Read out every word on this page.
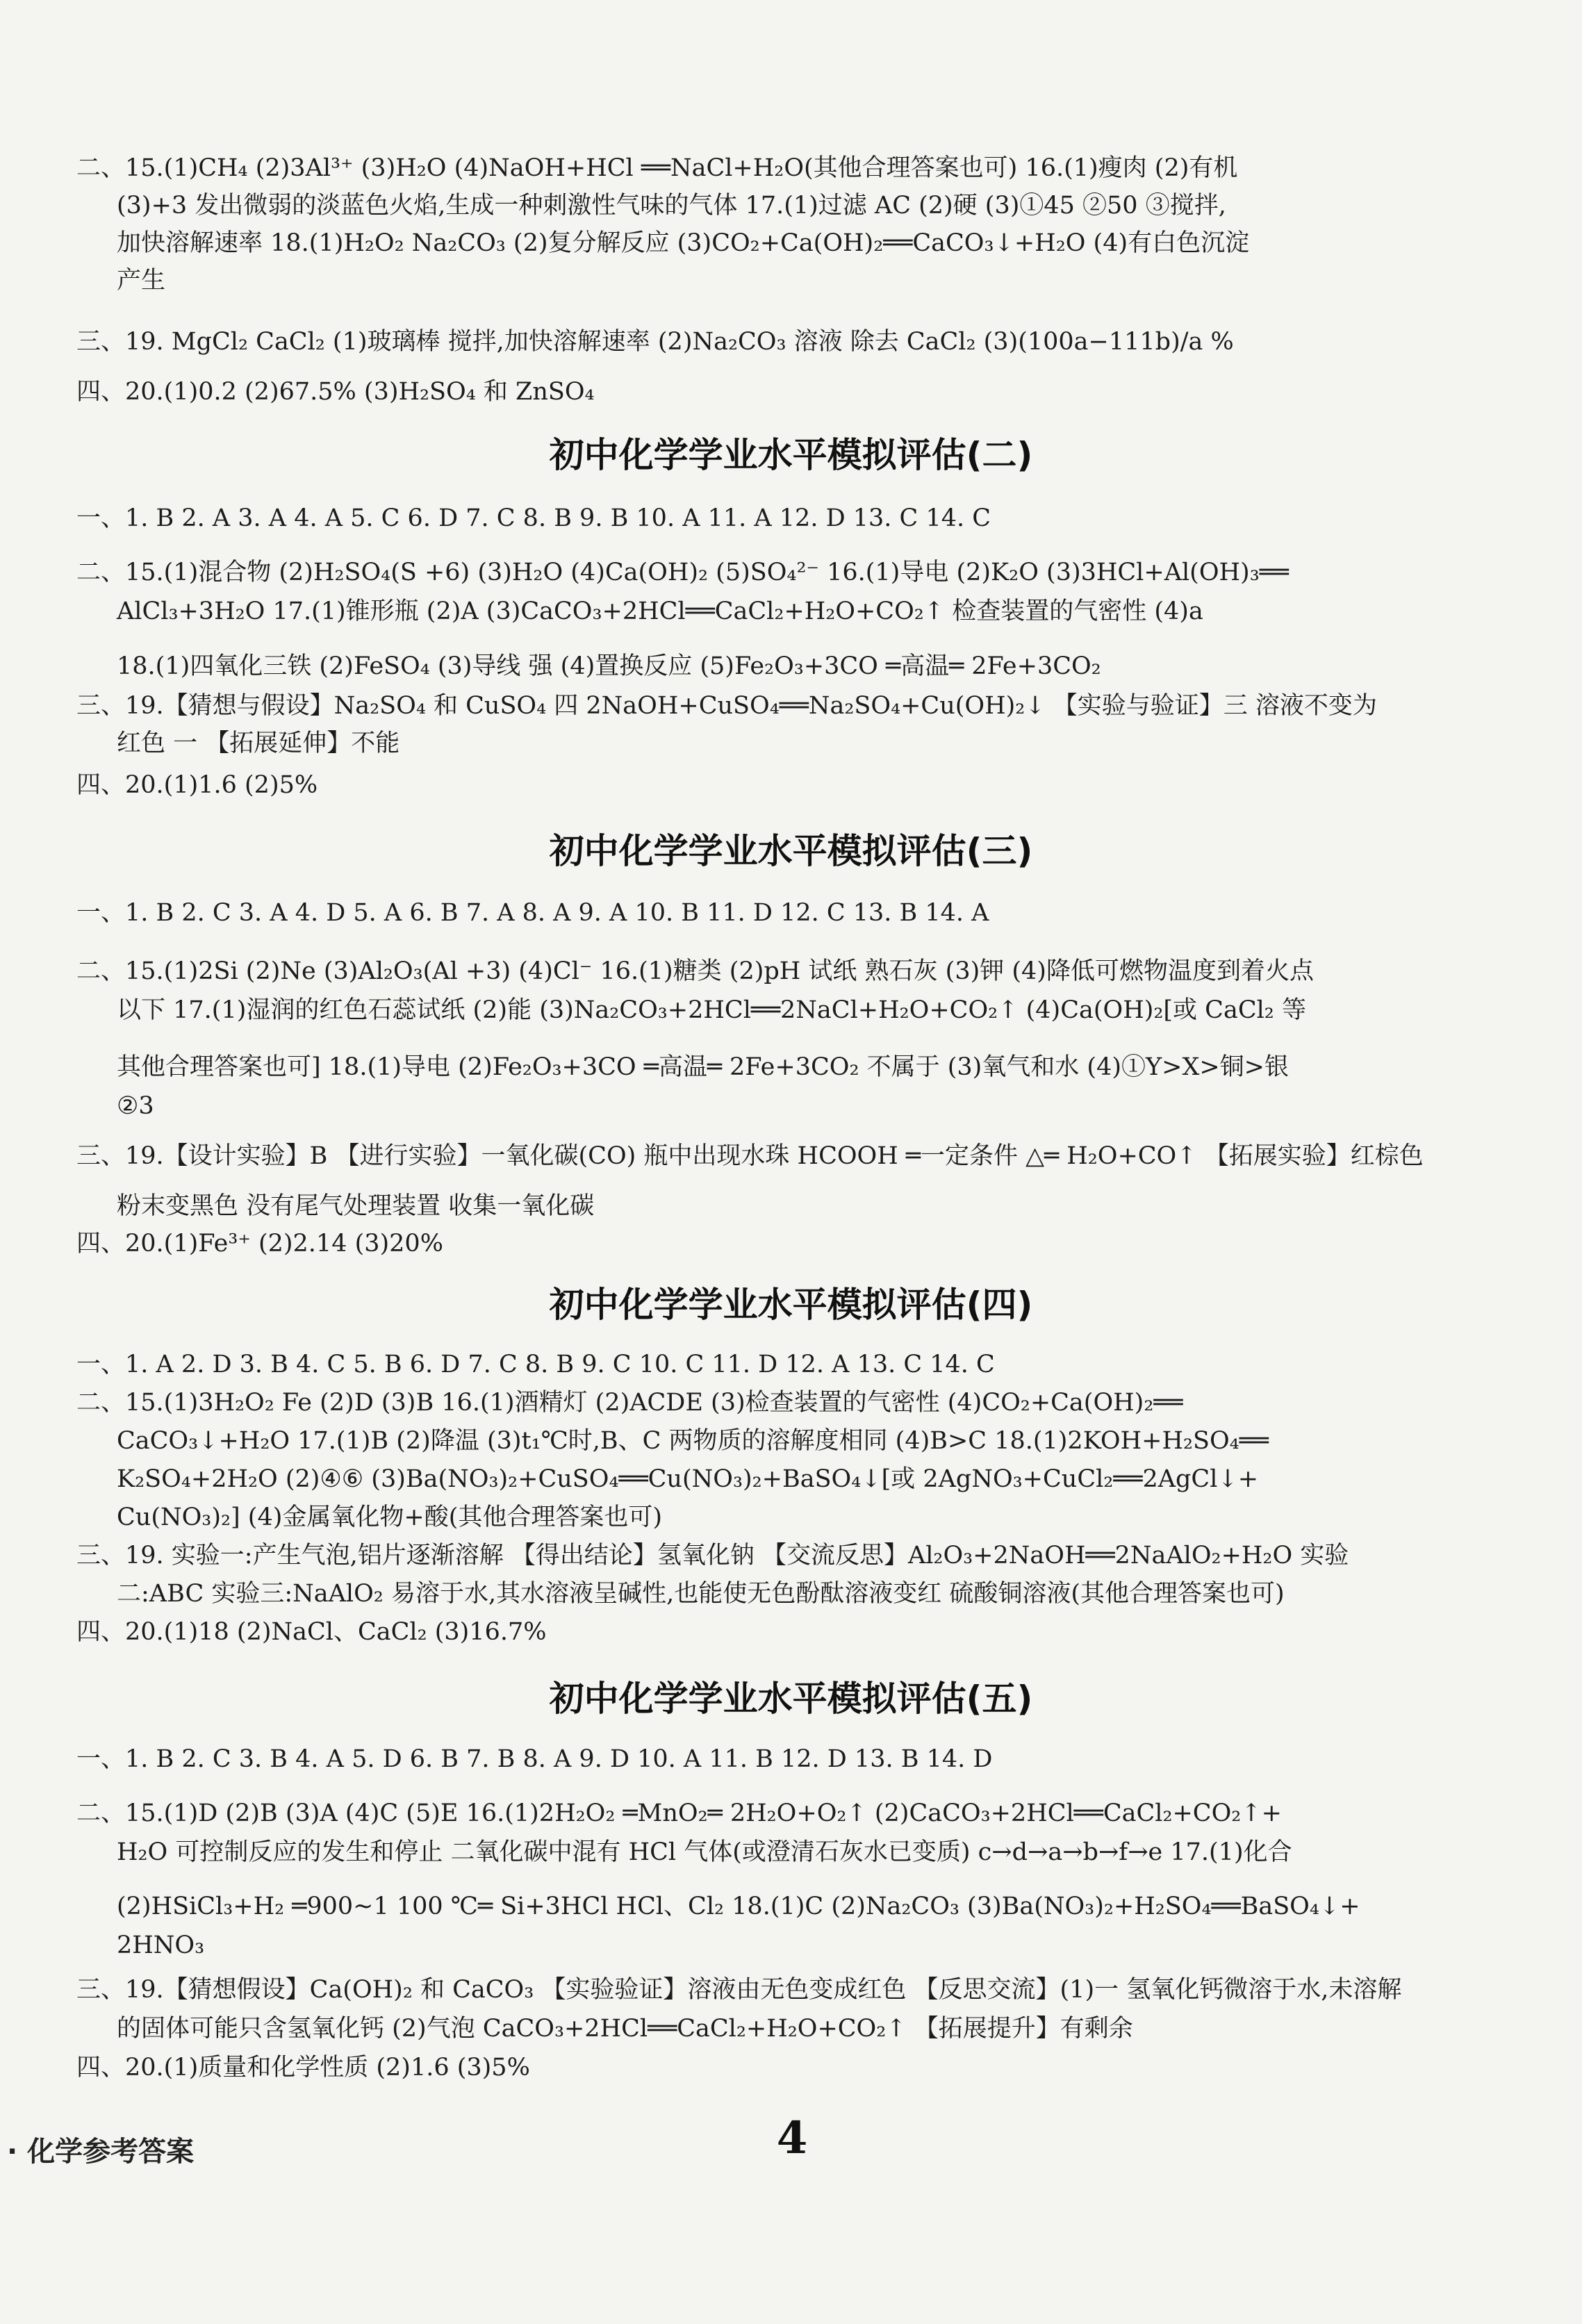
二、15.(1)CH₄ (2)3Al³⁺ (3)H₂O (4)NaOH+HCl ══NaCl+H₂O(其他合理答案也可) 16.(1)瘦肉 (2)有机
(3)+3 发出微弱的淡蓝色火焰,生成一种刺激性气味的气体 17.(1)过滤 AC (2)硬 (3)①45 ②50 ③搅拌,
加快溶解速率 18.(1)H₂O₂ Na₂CO₃ (2)复分解反应 (3)CO₂+Ca(OH)₂══CaCO₃↓+H₂O (4)有白色沉淀
产生
三、19. MgCl₂ CaCl₂ (1)玻璃棒 搅拌,加快溶解速率 (2)Na₂CO₃ 溶液 除去 CaCl₂ (3)(100a−111b)/a %
四、20.(1)0.2 (2)67.5% (3)H₂SO₄ 和 ZnSO₄
初中化学学业水平模拟评估(二)
一、1. B 2. A 3. A 4. A 5. C 6. D 7. C 8. B 9. B 10. A 11. A 12. D 13. C 14. C
二、15.(1)混合物 (2)H₂SO₄(S +6) (3)H₂O (4)Ca(OH)₂ (5)SO₄²⁻ 16.(1)导电 (2)K₂O (3)3HCl+Al(OH)₃══
AlCl₃+3H₂O 17.(1)锥形瓶 (2)A (3)CaCO₃+2HCl══CaCl₂+H₂O+CO₂↑ 检查装置的气密性 (4)a
18.(1)四氧化三铁 (2)FeSO₄ (3)导线 强 (4)置换反应 (5)Fe₂O₃+3CO ═高温═ 2Fe+3CO₂
三、19.【猜想与假设】Na₂SO₄ 和 CuSO₄ 四 2NaOH+CuSO₄══Na₂SO₄+Cu(OH)₂↓ 【实验与验证】三 溶液不变为
红色 一 【拓展延伸】不能
四、20.(1)1.6 (2)5%
初中化学学业水平模拟评估(三)
一、1. B 2. C 3. A 4. D 5. A 6. B 7. A 8. A 9. A 10. B 11. D 12. C 13. B 14. A
二、15.(1)2Si (2)Ne (3)Al₂O₃(Al +3) (4)Cl⁻ 16.(1)糖类 (2)pH 试纸 熟石灰 (3)钾 (4)降低可燃物温度到着火点
以下 17.(1)湿润的红色石蕊试纸 (2)能 (3)Na₂CO₃+2HCl══2NaCl+H₂O+CO₂↑ (4)Ca(OH)₂[或 CaCl₂ 等
其他合理答案也可] 18.(1)导电 (2)Fe₂O₃+3CO ═高温═ 2Fe+3CO₂ 不属于 (3)氧气和水 (4)①Y>X>铜>银
②3
三、19.【设计实验】B 【进行实验】一氧化碳(CO) 瓶中出现水珠 HCOOH ═一定条件 △═ H₂O+CO↑ 【拓展实验】红棕色
粉末变黑色 没有尾气处理装置 收集一氧化碳
四、20.(1)Fe³⁺ (2)2.14 (3)20%
初中化学学业水平模拟评估(四)
一、1. A 2. D 3. B 4. C 5. B 6. D 7. C 8. B 9. C 10. C 11. D 12. A 13. C 14. C
二、15.(1)3H₂O₂ Fe (2)D (3)B 16.(1)酒精灯 (2)ACDE (3)检查装置的气密性 (4)CO₂+Ca(OH)₂══
CaCO₃↓+H₂O 17.(1)B (2)降温 (3)t₁℃时,B、C 两物质的溶解度相同 (4)B>C 18.(1)2KOH+H₂SO₄══
K₂SO₄+2H₂O (2)④⑥ (3)Ba(NO₃)₂+CuSO₄══Cu(NO₃)₂+BaSO₄↓[或 2AgNO₃+CuCl₂══2AgCl↓+
Cu(NO₃)₂] (4)金属氧化物+酸(其他合理答案也可)
三、19. 实验一:产生气泡,铝片逐渐溶解 【得出结论】氢氧化钠 【交流反思】Al₂O₃+2NaOH══2NaAlO₂+H₂O 实验
二:ABC 实验三:NaAlO₂ 易溶于水,其水溶液呈碱性,也能使无色酚酞溶液变红 硫酸铜溶液(其他合理答案也可)
四、20.(1)18 (2)NaCl、CaCl₂ (3)16.7%
初中化学学业水平模拟评估(五)
一、1. B 2. C 3. B 4. A 5. D 6. B 7. B 8. A 9. D 10. A 11. B 12. D 13. B 14. D
二、15.(1)D (2)B (3)A (4)C (5)E 16.(1)2H₂O₂ ═MnO₂═ 2H₂O+O₂↑ (2)CaCO₃+2HCl══CaCl₂+CO₂↑+
H₂O 可控制反应的发生和停止 二氧化碳中混有 HCl 气体(或澄清石灰水已变质) c→d→a→b→f→e 17.(1)化合
(2)HSiCl₃+H₂ ═900~1 100 ℃═ Si+3HCl HCl、Cl₂ 18.(1)C (2)Na₂CO₃ (3)Ba(NO₃)₂+H₂SO₄══BaSO₄↓+
2HNO₃
三、19.【猜想假设】Ca(OH)₂ 和 CaCO₃ 【实验验证】溶液由无色变成红色 【反思交流】(1)一 氢氧化钙微溶于水,未溶解
的固体可能只含氢氧化钙 (2)气泡 CaCO₃+2HCl══CaCl₂+H₂O+CO₂↑ 【拓展提升】有剩余
四、20.(1)质量和化学性质 (2)1.6 (3)5%
· 化学参考答案	4
